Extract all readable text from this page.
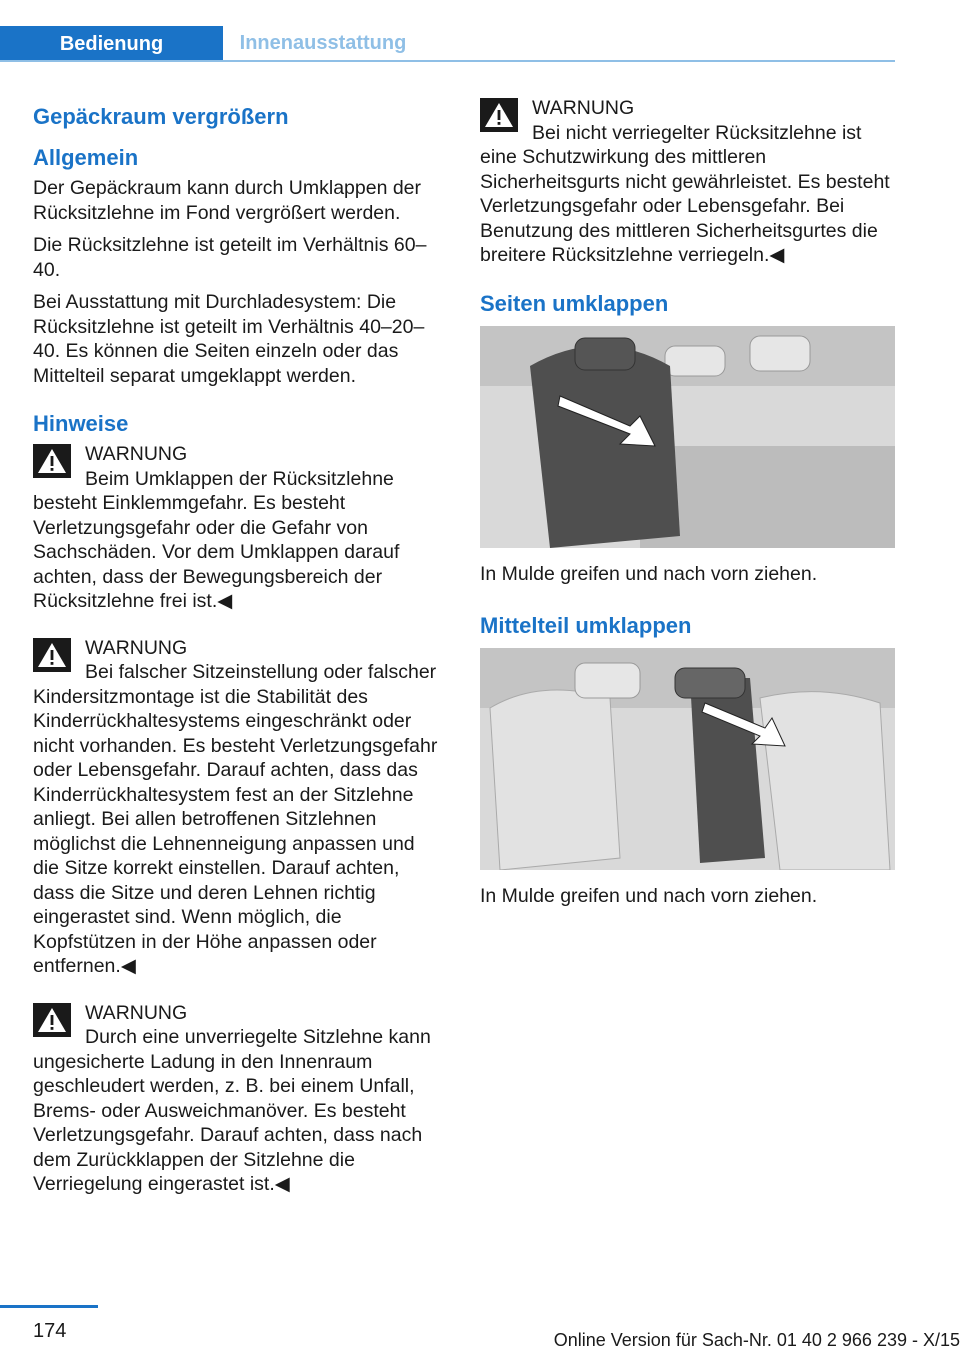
Bedienung	Innenausstattung
Gepäckraum vergrößern
Allgemein

Der Gepäckraum kann durch Umklappen der Rücksitzlehne im Fond vergrößert werden.

Die Rücksitzlehne ist geteilt im Verhältnis 60–40.

Bei Ausstattung mit Durchladesystem: Die Rücksitzlehne ist geteilt im Verhältnis 40–20–40. Es können die Seiten einzeln oder das Mittelteil separat umgeklappt werden.

Hinweise
WARNUNG
Beim Umklappen der Rücksitzlehne besteht Einklemmgefahr. Es besteht Verletzungsgefahr oder die Gefahr von Sachschäden. Vor dem Umklappen darauf achten, dass der Bewegungsbereich der Rücksitzlehne frei ist.◀
WARNUNG
Bei falscher Sitzeinstellung oder falscher Kindersitzmontage ist die Stabilität des Kinderrückhaltesystems eingeschränkt oder nicht vorhanden. Es besteht Verletzungsgefahr oder Lebensgefahr. Darauf achten, dass das Kinderrückhaltesystem fest an der Sitzlehne anliegt. Bei allen betroffenen Sitzlehnen möglichst die Lehnenneigung anpassen und die Sitze korrekt einstellen. Darauf achten, dass die Sitze und deren Lehnen richtig eingerastet sind. Wenn möglich, die Kopfstützen in der Höhe anpassen oder entfernen.◀
WARNUNG
Durch eine unverriegelte Sitzlehne kann ungesicherte Ladung in den Innenraum geschleudert werden, z. B. bei einem Unfall, Brems- oder Ausweichmanöver. Es besteht Verletzungsgefahr. Darauf achten, dass nach dem Zurückklappen der Sitzlehne die Verriegelung eingerastet ist.◀
WARNUNG
Bei nicht verriegelter Rücksitzlehne ist eine Schutzwirkung des mittleren Sicherheitsgurts nicht gewährleistet. Es besteht Verletzungsgefahr oder Lebensgefahr. Bei Benutzung des mittleren Sicherheitsgurtes die breitere Rücksitzlehne verriegeln.◀
Seiten umklappen

In Mulde greifen und nach vorn ziehen.

Mittelteil umklappen

In Mulde greifen und nach vorn ziehen.

174	Online Version für Sach-Nr. 01 40 2 966 239 - X/15
